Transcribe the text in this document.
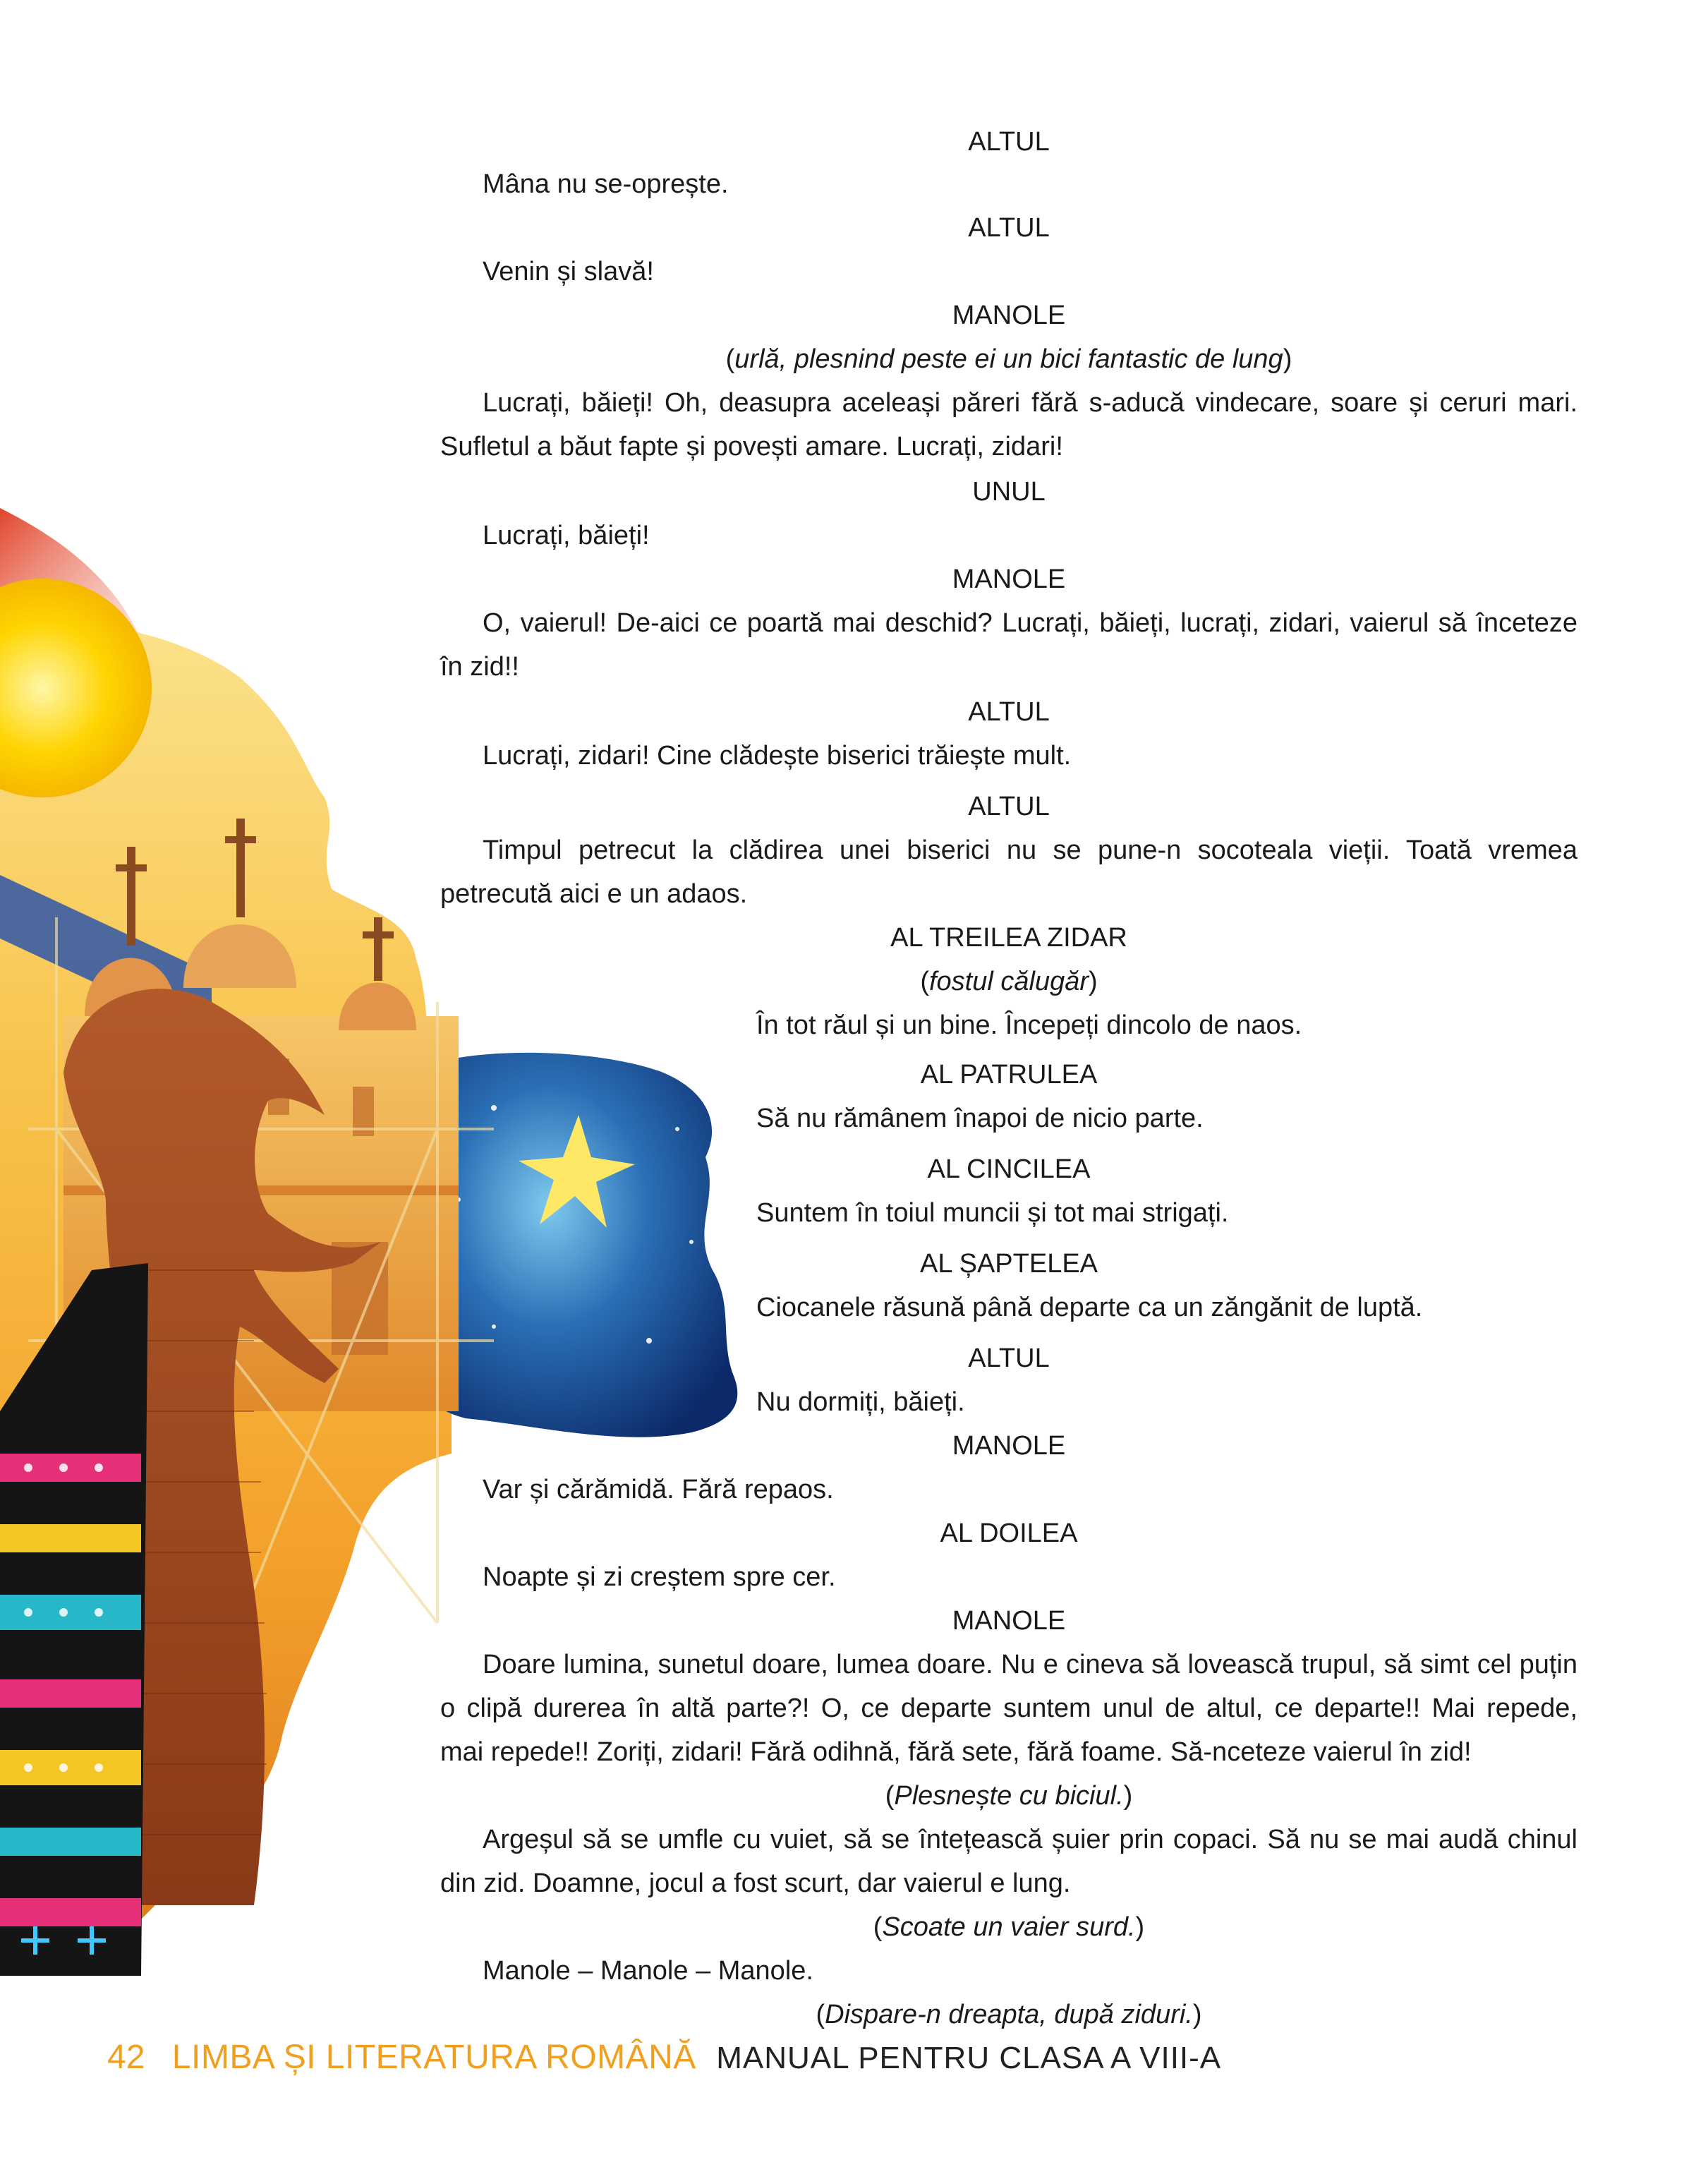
ALTUL
Mâna nu se-oprește.
ALTUL
Venin și slavă!
MANOLE
(urlă, plesnind peste ei un bici fantastic de lung)
Lucrați, băieți! Oh, deasupra aceleași păreri fără s-aducă vindecare, soare și ceruri mari.
Sufletul a băut fapte și povești amare. Lucrați, zidari!
UNUL
Lucrați, băieți!
MANOLE
O, vaierul! De-aici ce poartă mai deschid? Lucrați, băieți, lucrați, zidari, vaierul să înceteze
în zid!!
ALTUL
Lucrați, zidari! Cine clădește biserici trăiește mult.
ALTUL
Timpul petrecut la clădirea unei biserici nu se pune-n socoteala vieții. Toată vremea
petrecută aici e un adaos.
AL TREILEA ZIDAR
(fostul călugăr)
În tot răul și un bine. Începeți dincolo de naos.
AL PATRULEA
Să nu rămânem înapoi de nicio parte.
AL CINCILEA
Suntem în toiul muncii și tot mai strigați.
AL ȘAPTELEA
Ciocanele răsună până departe ca un zăngănit de luptă.
ALTUL
Nu dormiți, băieți.
MANOLE
Var și cărămidă. Fără repaos.
AL DOILEA
Noapte și zi creștem spre cer.
MANOLE
Doare lumina, sunetul doare, lumea doare. Nu e cineva să lovească trupul, să simt cel puțin
o clipă durerea în altă parte?! O, ce departe suntem unul de altul, ce departe!! Mai repede,
mai repede!! Zoriți, zidari! Fără odihnă, fără sete, fără foame. Să-nceteze vaierul în zid!
(Plesnește cu biciul.)
Argeșul să se umfle cu vuiet, să se întețească șuier prin copaci. Să nu se mai audă chinul
din zid. Doamne, jocul a fost scurt, dar vaierul e lung.
(Scoate un vaier surd.)
Manole – Manole – Manole.
(Dispare-n dreapta, după ziduri.)
42 LIMBA ȘI LITERATURA ROMÂNĂ MANUAL PENTRU CLASA A VIII-A
